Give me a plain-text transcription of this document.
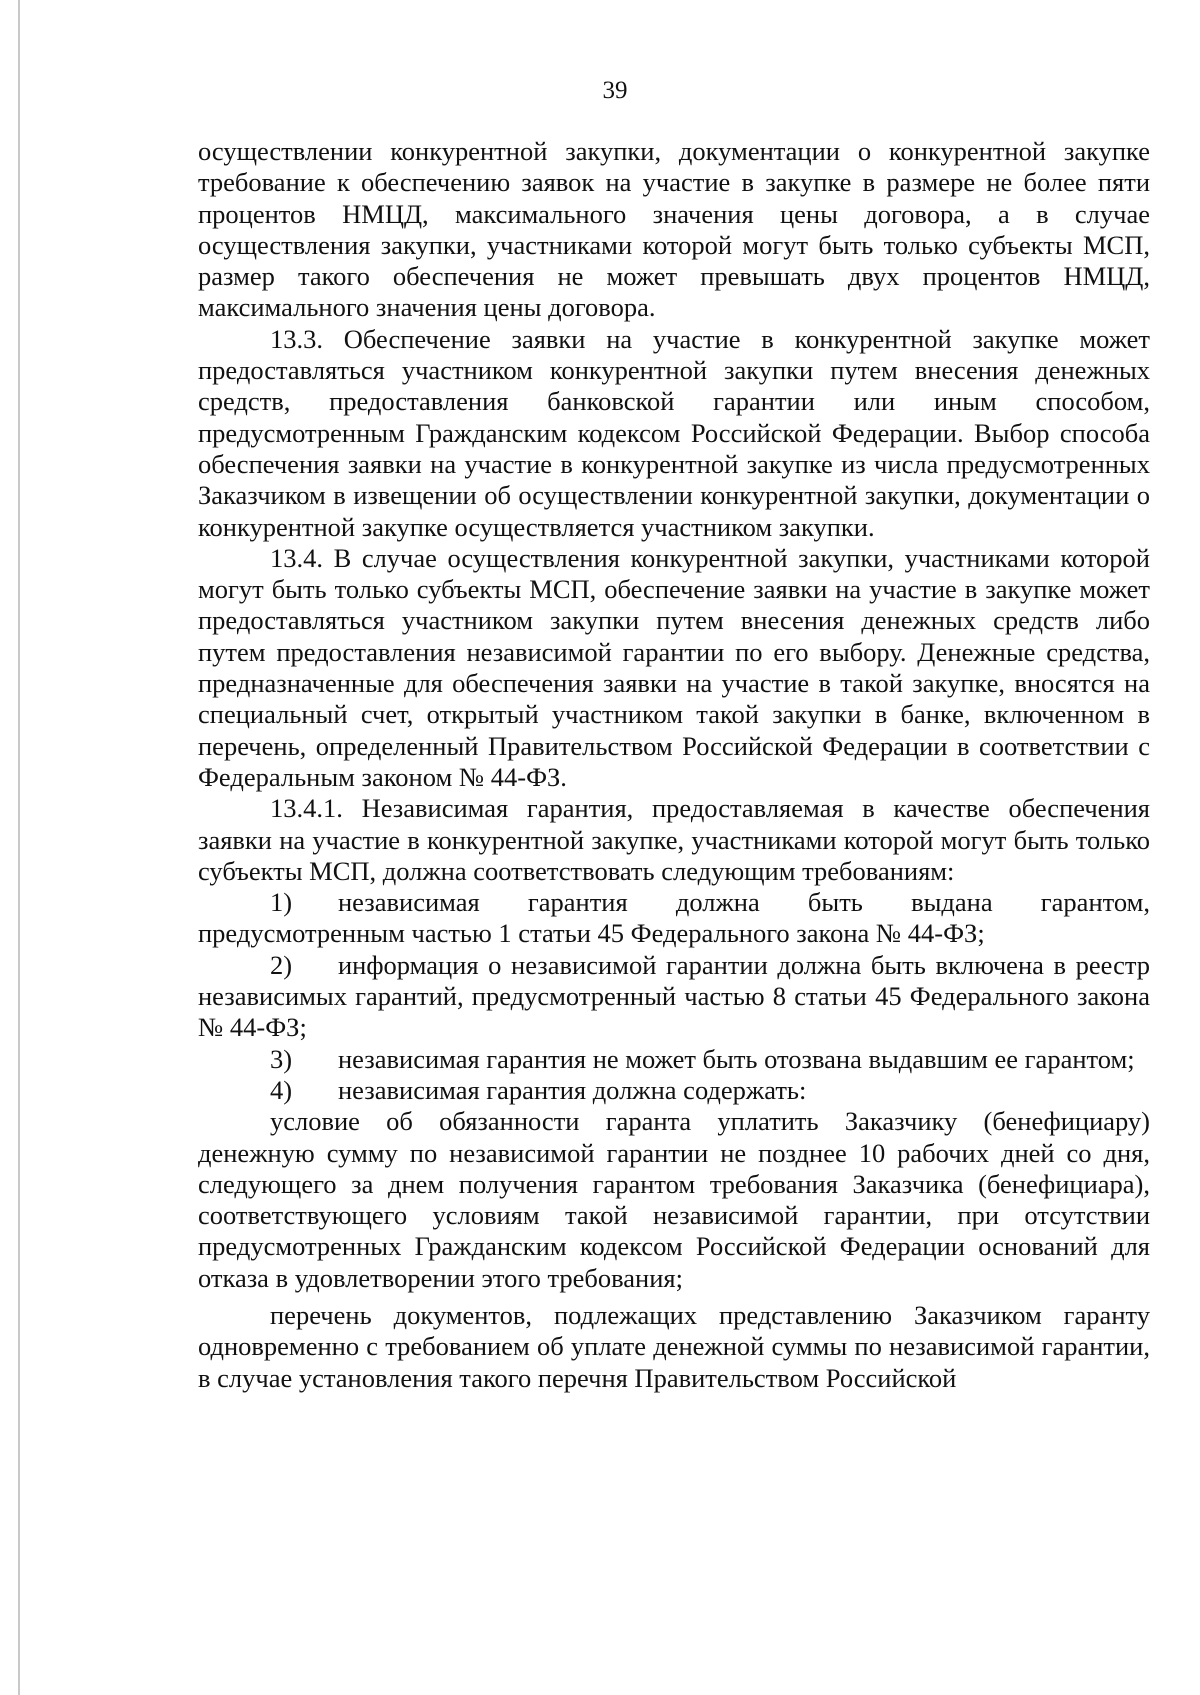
39

осуществлении конкурентной закупки, документации о конкурентной закупке требование к обеспечению заявок на участие в закупке в размере не более пяти процентов НМЦД, максимального значения цены договора, а в случае осуществления закупки, участниками которой могут быть только субъекты МСП, размер такого обеспечения не может превышать двух процентов НМЦД, максимального значения цены договора.

13.3. Обеспечение заявки на участие в конкурентной закупке может предоставляться участником конкурентной закупки путем внесения денежных средств, предоставления банковской гарантии или иным способом, предусмотренным Гражданским кодексом Российской Федерации. Выбор способа обеспечения заявки на участие в конкурентной закупке из числа предусмотренных Заказчиком в извещении об осуществлении конкурентной закупки, документации о конкурентной закупке осуществляется участником закупки.

13.4. В случае осуществления конкурентной закупки, участниками которой могут быть только субъекты МСП, обеспечение заявки на участие в закупке может предоставляться участником закупки путем внесения денежных средств либо путем предоставления независимой гарантии по его выбору. Денежные средства, предназначенные для обеспечения заявки на участие в такой закупке, вносятся на специальный счет, открытый участником такой закупки в банке, включенном в перечень, определенный Правительством Российской Федерации в соответствии с Федеральным законом № 44-ФЗ.

13.4.1. Независимая гарантия, предоставляемая в качестве обеспечения заявки на участие в конкурентной закупке, участниками которой могут быть только субъекты МСП, должна соответствовать следующим требованиям:

1) независимая гарантия должна быть выдана гарантом, предусмотренным частью 1 статьи 45 Федерального закона № 44-ФЗ;

2) информация о независимой гарантии должна быть включена в реестр независимых гарантий, предусмотренный частью 8 статьи 45 Федерального закона № 44-ФЗ;

3) независимая гарантия не может быть отозвана выдавшим ее гарантом;

4) независимая гарантия должна содержать:

условие об обязанности гаранта уплатить Заказчику (бенефициару) денежную сумму по независимой гарантии не позднее 10 рабочих дней со дня, следующего за днем получения гарантом требования Заказчика (бенефициара), соответствующего условиям такой независимой гарантии, при отсутствии предусмотренных Гражданским кодексом Российской Федерации оснований для отказа в удовлетворении этого требования;

перечень документов, подлежащих представлению Заказчиком гаранту одновременно с требованием об уплате денежной суммы по независимой гарантии, в случае установления такого перечня Правительством Российской
